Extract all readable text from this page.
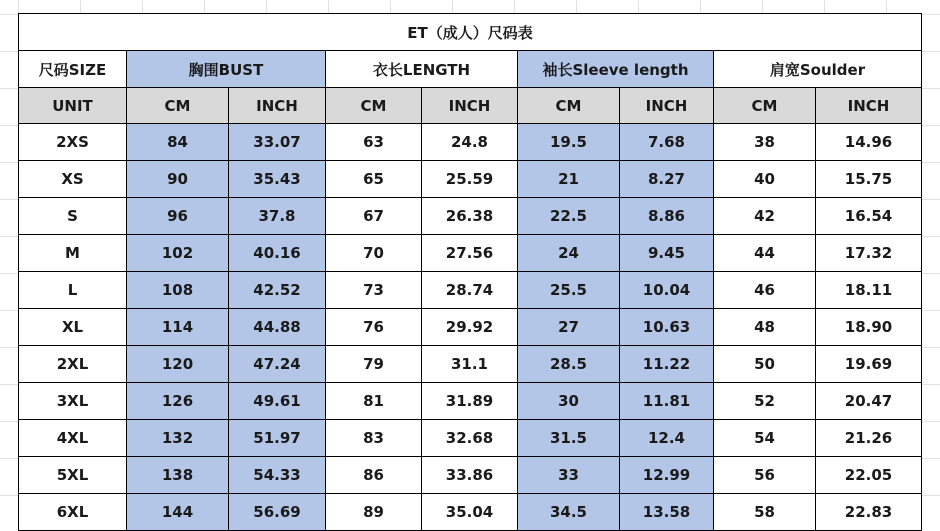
ET（成人）尺码表								
尺码SIZE	胸围BUST		衣长LENGTH		袖长Sleeve length		肩宽Soulder	
UNIT	CM	INCH	CM	INCH	CM	INCH	CM	INCH
2XS	84	33.07	63	24.8	19.5	7.68	38	14.96
XS	90	35.43	65	25.59	21	8.27	40	15.75
S	96	37.8	67	26.38	22.5	8.86	42	16.54
M	102	40.16	70	27.56	24	9.45	44	17.32
L	108	42.52	73	28.74	25.5	10.04	46	18.11
XL	114	44.88	76	29.92	27	10.63	48	18.90
2XL	120	47.24	79	31.1	28.5	11.22	50	19.69
3XL	126	49.61	81	31.89	30	11.81	52	20.47
4XL	132	51.97	83	32.68	31.5	12.4	54	21.26
5XL	138	54.33	86	33.86	33	12.99	56	22.05
6XL	144	56.69	89	35.04	34.5	13.58	58	22.83
